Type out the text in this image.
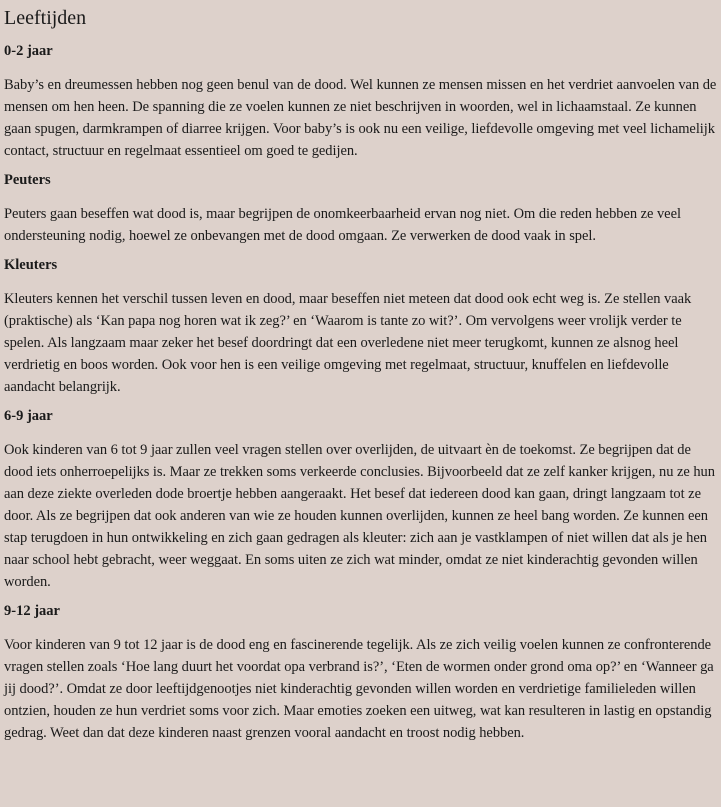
Leeftijden
0-2 jaar
Baby’s en dreumessen hebben nog geen benul van de dood. Wel kunnen ze mensen missen en het verdriet aanvoelen van de mensen om hen heen. De spanning die ze voelen kunnen ze niet beschrijven in woorden, wel in lichaamstaal. Ze kunnen gaan spugen, darmkrampen of diarree krijgen. Voor baby’s is ook nu een veilige, liefdevolle omgeving met veel lichamelijk contact, structuur en regelmaat essentieel om goed te gedijen.
Peuters
Peuters gaan beseffen wat dood is, maar begrijpen de onomkeerbaarheid ervan nog niet. Om die reden hebben ze veel ondersteuning nodig, hoewel ze onbevangen met de dood omgaan. Ze verwerken de dood vaak in spel.
Kleuters
Kleuters kennen het verschil tussen leven en dood, maar beseffen niet meteen dat dood ook echt weg is. Ze stellen vaak (praktische) als ‘Kan papa nog horen wat ik zeg?’ en ‘Waarom is tante zo wit?’. Om vervolgens weer vrolijk verder te spelen. Als langzaam maar zeker het besef doordringt dat een overledene niet meer terugkomt, kunnen ze alsnog heel verdrietig en boos worden. Ook voor hen is een veilige omgeving met regelmaat, structuur, knuffelen en liefdevolle aandacht belangrijk.
6-9 jaar
Ook kinderen van 6 tot 9 jaar zullen veel vragen stellen over overlijden, de uitvaart èn de toekomst. Ze begrijpen dat de dood iets onherroepelijks is. Maar ze trekken soms verkeerde conclusies. Bijvoorbeeld dat ze zelf kanker krijgen, nu ze hun aan deze ziekte overleden dode broertje hebben aangeraakt. Het besef dat iedereen dood kan gaan, dringt langzaam tot ze door. Als ze begrijpen dat ook anderen van wie ze houden kunnen overlijden, kunnen ze heel bang worden. Ze kunnen een stap terugdoen in hun ontwikkeling en zich gaan gedragen als kleuter: zich aan je vastklampen of niet willen dat als je hen naar school hebt gebracht, weer weggaat. En soms uiten ze zich wat minder, omdat ze niet kinderachtig gevonden willen worden.
9-12 jaar
Voor kinderen van 9 tot 12 jaar is de dood eng en fascinerende tegelijk. Als ze zich veilig voelen kunnen ze confronterende vragen stellen zoals ‘Hoe lang duurt het voordat opa verbrand is?’, ‘Eten de wormen onder grond oma op?’ en ‘Wanneer ga jij dood?’. Omdat ze door leeftijdgenootjes niet kinderachtig gevonden willen worden en verdrietige familieleden willen ontzien, houden ze hun verdriet soms voor zich. Maar emoties zoeken een uitweg, wat kan resulteren in lastig en opstandig gedrag. Weet dan dat deze kinderen naast grenzen vooral aandacht en troost nodig hebben.
